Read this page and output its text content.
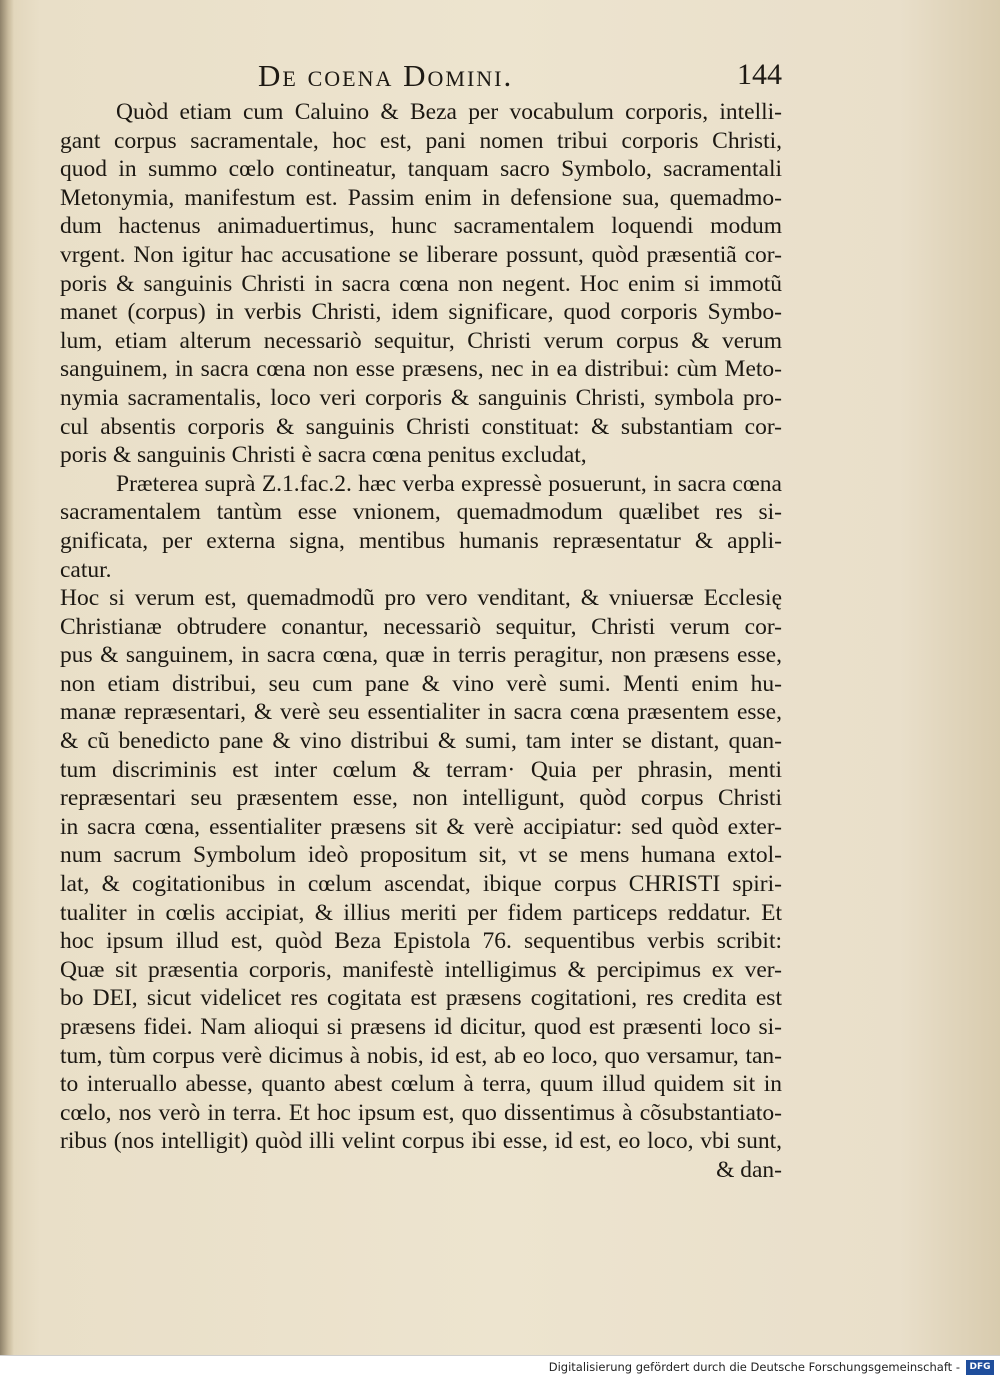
De coena Domini.	144
Quòd etiam cum Caluino & Beza per vocabulum corporis, intelli-
gant corpus sacramentale, hoc est, pani nomen tribui corporis Christi,
quod in summo cœlo contineatur, tanquam sacro Symbolo, sacramentali
Metonymia, manifestum est. Passim enim in defensione sua, quemadmo-
dum hactenus animaduertimus, hunc sacramentalem loquendi modum
vrgent. Non igitur hac accusatione se liberare possunt, quòd præsentiã cor-
poris & sanguinis Christi in sacra cœna non negent. Hoc enim si immotũ
manet (corpus) in verbis Christi, idem significare, quod corporis Symbo-
lum, etiam alterum necessariò sequitur, Christi verum corpus & verum
sanguinem, in sacra cœna non esse præsens, nec in ea distribui: cùm Meto-
nymia sacramentalis, loco veri corporis & sanguinis Christi, symbola pro-
cul absentis corporis & sanguinis Christi constituat: & substantiam cor-
poris & sanguinis Christi è sacra cœna penitus excludat,
Præterea suprà Z.1.fac.2. hæc verba expressè posuerunt, in sacra cœna
sacramentalem tantùm esse vnionem, quemadmodum quælibet res si-
gnificata, per externa signa, mentibus humanis repræsentatur & appli-
catur.
Hoc si verum est, quemadmodũ pro vero venditant, & vniuersæ Ecclesię
Christianæ obtrudere conantur, necessariò sequitur, Christi verum cor-
pus & sanguinem, in sacra cœna, quæ in terris peragitur, non præsens esse,
non etiam distribui, seu cum pane & vino verè sumi. Menti enim hu-
manæ repræsentari, & verè seu essentialiter in sacra cœna præsentem esse,
& cũ benedicto pane & vino distribui & sumi, tam inter se distant, quan-
tum discriminis est inter cœlum & terram· Quia per phrasin, menti
repræsentari seu præsentem esse, non intelligunt, quòd corpus Christi
in sacra cœna, essentialiter præsens sit & verè accipiatur: sed quòd exter-
num sacrum Symbolum ideò propositum sit, vt se mens humana extol-
lat, & cogitationibus in cœlum ascendat, ibique corpus CHRISTI spiri-
tualiter in cœlis accipiat, & illius meriti per fidem particeps reddatur. Et
hoc ipsum illud est, quòd Beza Epistola 76. sequentibus verbis scribit:
Quæ sit præsentia corporis, manifestè intelligimus & percipimus ex ver-
bo DEI, sicut videlicet res cogitata est præsens cogitationi, res credita est
præsens fidei. Nam alioqui si præsens id dicitur, quod est præsenti loco si-
tum, tùm corpus verè dicimus à nobis, id est, ab eo loco, quo versamur, tan-
to interuallo abesse, quanto abest cœlum à terra, quum illud quidem sit in
cœlo, nos verò in terra. Et hoc ipsum est, quo dissentimus à cõsubstantiato-
ribus (nos intelligit) quòd illi velint corpus ibi esse, id est, eo loco, vbi sunt,
& dan-
Digitalisierung gefördert durch die Deutsche Forschungsgemeinschaft -	DFG
